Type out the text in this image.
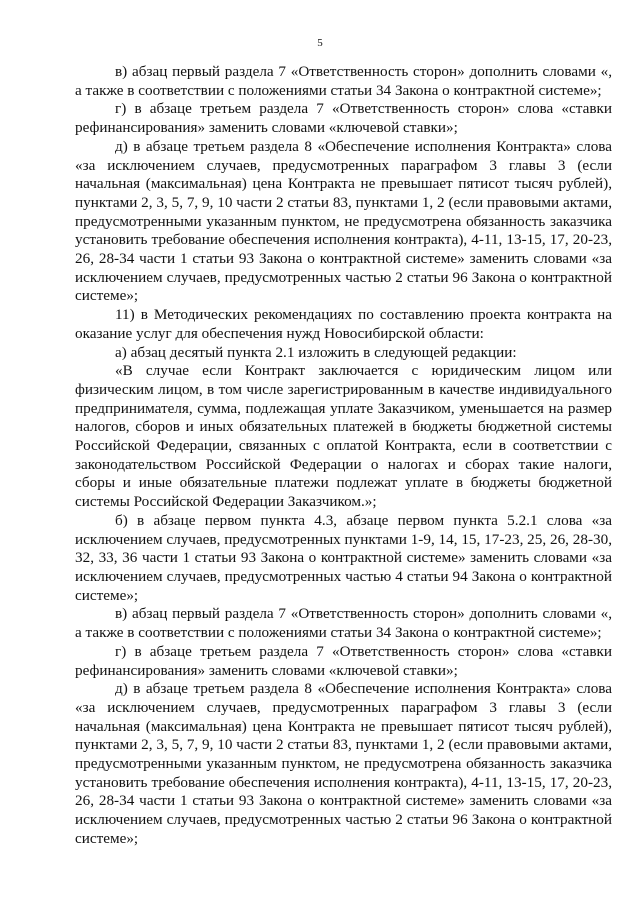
5

в) абзац первый раздела 7 «Ответственность сторон» дополнить словами «, а также в соответствии с положениями статьи 34 Закона о контрактной системе»;

г) в абзаце третьем раздела 7 «Ответственность сторон» слова «ставки рефинансирования» заменить словами «ключевой ставки»;

д) в абзаце третьем раздела 8 «Обеспечение исполнения Контракта» слова «за исключением случаев, предусмотренных параграфом 3 главы 3 (если начальная (максимальная) цена Контракта не превышает пятисот тысяч рублей), пунктами 2, 3, 5, 7, 9, 10 части 2 статьи 83, пунктами 1, 2 (если правовыми актами, предусмотренными указанным пунктом, не предусмотрена обязанность заказчика установить требование обеспечения исполнения контракта), 4-11, 13-15, 17, 20-23, 26, 28-34 части 1 статьи 93 Закона о контрактной системе» заменить словами «за исключением случаев, предусмотренных частью 2 статьи 96 Закона о контрактной системе»;

11) в Методических рекомендациях по составлению проекта контракта на оказание услуг для обеспечения нужд Новосибирской области:

а) абзац десятый пункта 2.1 изложить в следующей редакции:

«В случае если Контракт заключается с юридическим лицом или физическим лицом, в том числе зарегистрированным в качестве индивидуального предпринимателя, сумма, подлежащая уплате Заказчиком, уменьшается на размер налогов, сборов и иных обязательных платежей в бюджеты бюджетной системы Российской Федерации, связанных с оплатой Контракта, если в соответствии с законодательством Российской Федерации о налогах и сборах такие налоги, сборы и иные обязательные платежи подлежат уплате в бюджеты бюджетной системы Российской Федерации Заказчиком.»;

б) в абзаце первом пункта 4.3, абзаце первом пункта 5.2.1 слова «за исключением случаев, предусмотренных пунктами 1-9, 14, 15, 17-23, 25, 26, 28-30, 32, 33, 36 части 1 статьи 93 Закона о контрактной системе» заменить словами «за исключением случаев, предусмотренных частью 4 статьи 94 Закона о контрактной системе»;

в) абзац первый раздела 7 «Ответственность сторон» дополнить словами «, а также в соответствии с положениями статьи 34 Закона о контрактной системе»;

г) в абзаце третьем раздела 7 «Ответственность сторон» слова «ставки рефинансирования» заменить словами «ключевой ставки»;

д) в абзаце третьем раздела 8 «Обеспечение исполнения Контракта» слова «за исключением случаев, предусмотренных параграфом 3 главы 3 (если начальная (максимальная) цена Контракта не превышает пятисот тысяч рублей), пунктами 2, 3, 5, 7, 9, 10 части 2 статьи 83, пунктами 1, 2 (если правовыми актами, предусмотренными указанным пунктом, не предусмотрена обязанность заказчика установить требование обеспечения исполнения контракта), 4-11, 13-15, 17, 20-23, 26, 28-34 части 1 статьи 93 Закона о контрактной системе» заменить словами «за исключением случаев, предусмотренных частью 2 статьи 96 Закона о контрактной системе»;
